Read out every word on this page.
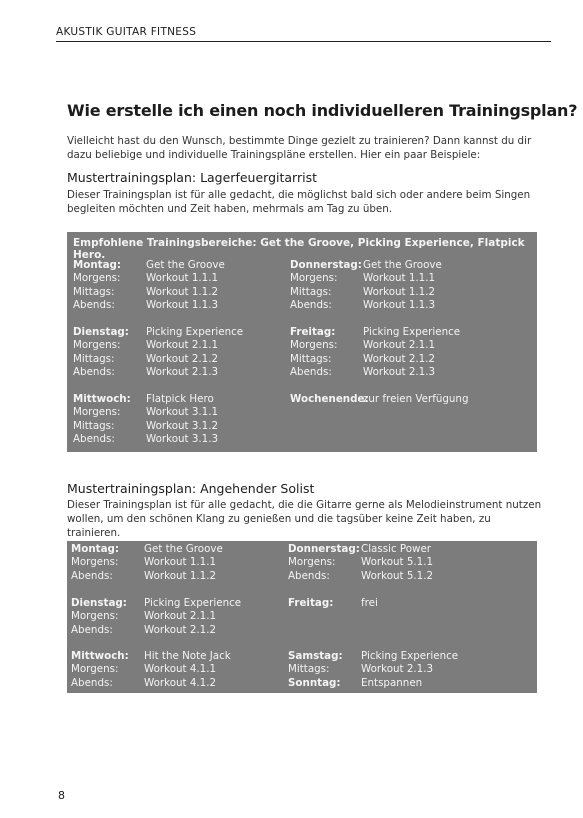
AKUSTIK GUITAR FITNESS
Wie erstelle ich einen noch individuelleren Trainingsplan?

Vielleicht hast du den Wunsch, bestimmte Dinge gezielt zu trainieren? Dann kannst du dir dazu beliebige und individuelle Trainingspläne erstellen. Hier ein paar Beispiele:

Mustertrainingsplan: Lagerfeuergitarrist

Dieser Trainingsplan ist für alle gedacht, die möglichst bald sich oder andere beim Singen begleiten möchten und Zeit haben, mehrmals am Tag zu üben.

Empfohlene Trainingsbereiche: Get the Groove, Picking Experience, Flatpick Hero.
Montag: Get the Groove
Morgens: Workout 1.1.1
Mittags:	Workout 1.1.2
Abends:	Workout 1.1.3
Dienstag: Picking Experience
Morgens: Workout 2.1.1
Mittags:	Workout 2.1.2
Abends:	Workout 2.1.3
Mittwoch: Flatpick Hero
Morgens: Workout 3.1.1
Mittags:	Workout 3.1.2
Abends:	Workout 3.1.3
Donnerstag: Get the Groove
Morgens: Workout 1.1.1
Mittags:	Workout 1.1.2
Abends:	Workout 1.1.3
Freitag:	Picking Experience
Morgens: Workout 2.1.1
Mittags:	Workout 2.1.2
Abends:	Workout 2.1.3
Wochenende:
zur freien Verfügung
Mustertrainingsplan: Angehender Solist

Dieser Trainingsplan ist für alle gedacht, die die Gitarre gerne als Melodieinstrument nutzen wollen, um den schönen Klang zu genießen und die tagsüber keine Zeit haben, zu trainieren.

Montag: Get the Groove
Morgens: Workout 1.1.1
Abends:	Workout 1.1.2
Dienstag: Picking Experience
Morgens: Workout 2.1.1
Abends:	Workout 2.1.2
Mittwoch: Hit the Note Jack
Morgens: Workout 4.1.1
Abends:	Workout 4.1.2
Donnerstag: Classic Power
Morgens: Workout 5.1.1
Abends:	Workout 5.1.2
Freitag:	frei
Samstag: Picking Experience
Mittags:	Workout 2.1.3
Sonntag: Entspannen
8
